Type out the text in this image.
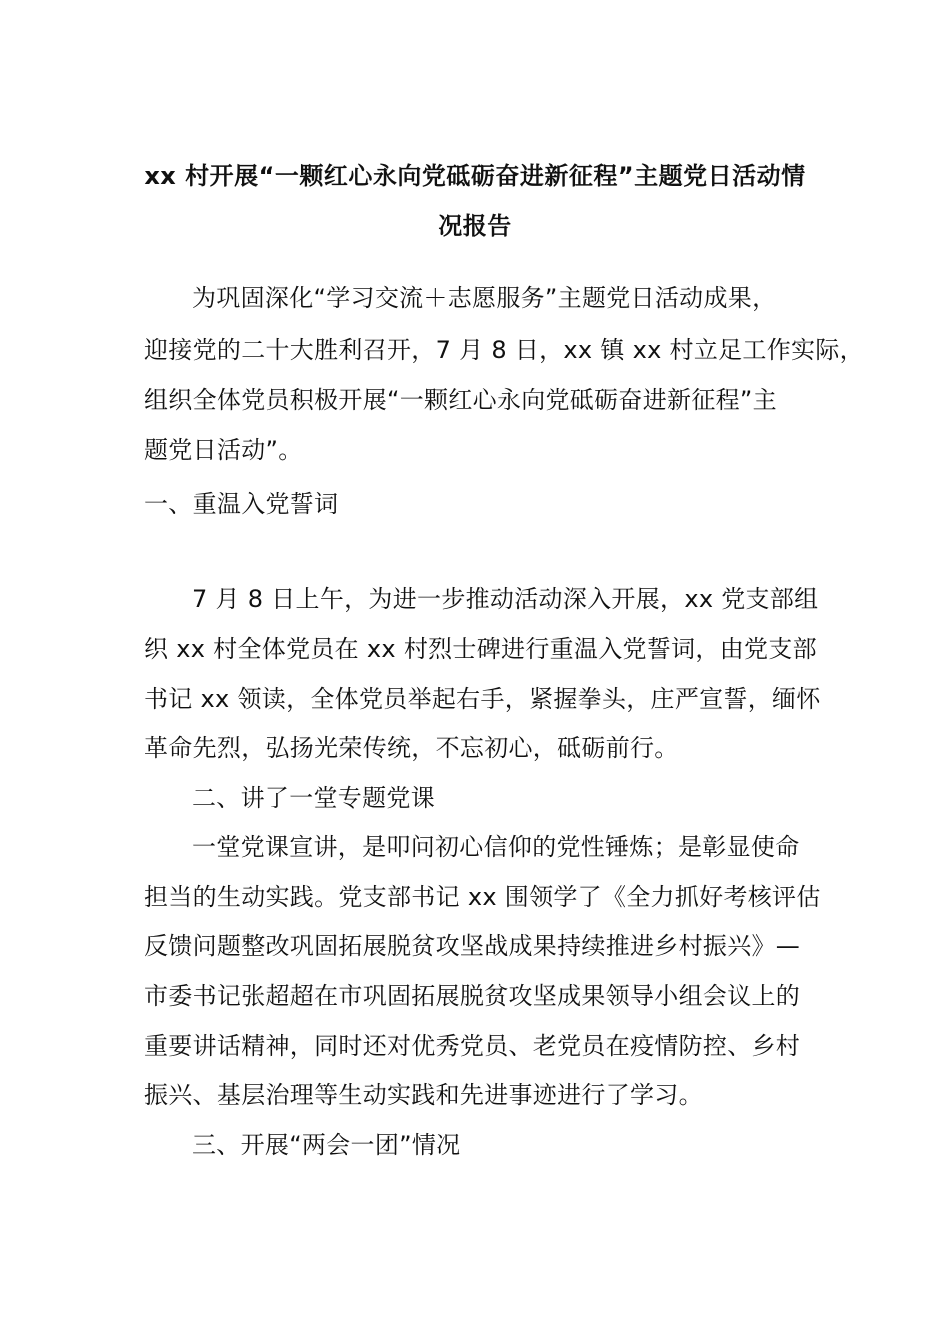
xx 村开展“一颗红心永向党砥砺奋进新征程”主题党日活动情
况报告
为巩固深化“学习交流＋志愿服务”主题党日活动成果，
迎接党的二十大胜利召开，7 月 8 日，xx 镇 xx 村立足工作实际，
组织全体党员积极开展“一颗红心永向党砥砺奋进新征程”主
题党日活动”。
一、重温入党誓词
7 月 8 日上午，为进一步推动活动深入开展，xx 党支部组
织 xx 村全体党员在 xx 村烈士碑进行重温入党誓词，由党支部
书记 xx 领读，全体党员举起右手，紧握拳头，庄严宣誓，缅怀
革命先烈，弘扬光荣传统，不忘初心，砥砺前行。
二、讲了一堂专题党课
一堂党课宣讲，是叩问初心信仰的党性锤炼；是彰显使命
担当的生动实践。党支部书记 xx 围领学了《全力抓好考核评估
反馈问题整改巩固拓展脱贫攻坚战成果持续推进乡村振兴》—
市委书记张超超在市巩固拓展脱贫攻坚成果领导小组会议上的
重要讲话精神，同时还对优秀党员、老党员在疫情防控、乡村
振兴、基层治理等生动实践和先进事迹进行了学习。
三、开展“两会一团”情况
